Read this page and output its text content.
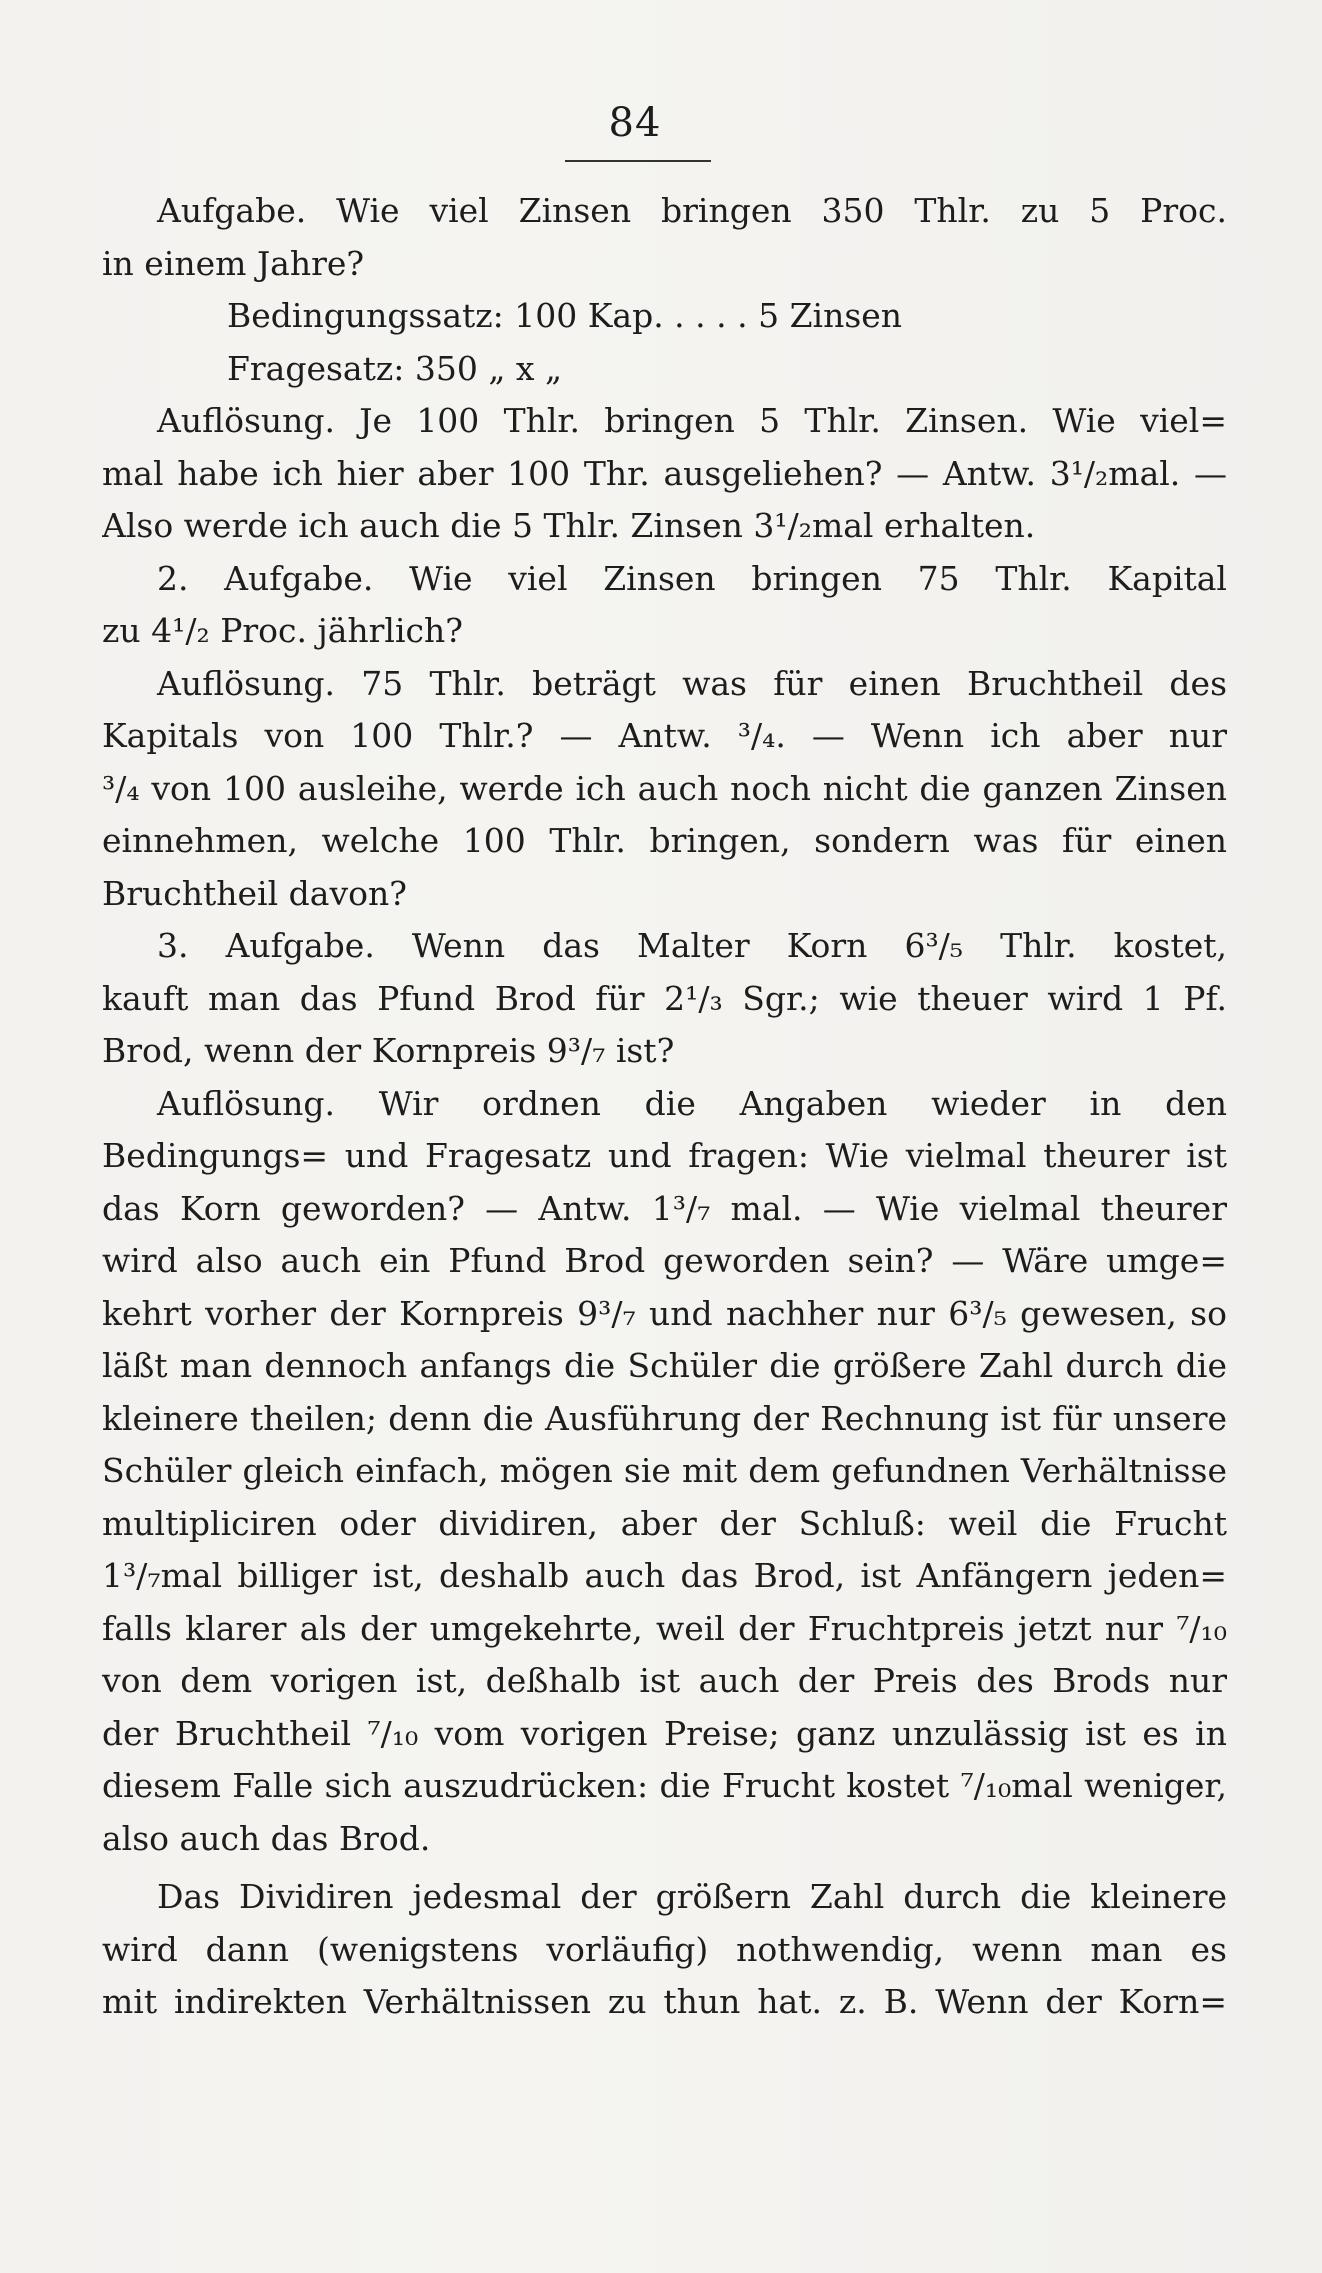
84
Aufgabe. Wie viel Zinsen bringen 350 Thlr. zu 5 Proc.
in einem Jahre?
Bedingungssatz: 100 Kap. . . . . 5 Zinsen
Fragesatz: 350 „ x „
Auflösung. Je 100 Thlr. bringen 5 Thlr. Zinsen. Wie viel=
mal habe ich hier aber 100 Thr. ausgeliehen? — Antw. 3¹/₂mal. —
Also werde ich auch die 5 Thlr. Zinsen 3¹/₂mal erhalten.
2. Aufgabe. Wie viel Zinsen bringen 75 Thlr. Kapital
zu 4¹/₂ Proc. jährlich?
Auflösung. 75 Thlr. beträgt was für einen Bruchtheil des
Kapitals von 100 Thlr.? — Antw. ³/₄. — Wenn ich aber nur
³/₄ von 100 ausleihe, werde ich auch noch nicht die ganzen Zinsen
einnehmen, welche 100 Thlr. bringen, sondern was für einen
Bruchtheil davon?
3. Aufgabe. Wenn das Malter Korn 6³/₅ Thlr. kostet,
kauft man das Pfund Brod für 2¹/₃ Sgr.; wie theuer wird 1 Pf.
Brod, wenn der Kornpreis 9³/₇ ist?
Auflösung. Wir ordnen die Angaben wieder in den
Bedingungs= und Fragesatz und fragen: Wie vielmal theurer ist
das Korn geworden? — Antw. 1³/₇ mal. — Wie vielmal theurer
wird also auch ein Pfund Brod geworden sein? — Wäre umge=
kehrt vorher der Kornpreis 9³/₇ und nachher nur 6³/₅ gewesen, so
läßt man dennoch anfangs die Schüler die größere Zahl durch die
kleinere theilen; denn die Ausführung der Rechnung ist für unsere
Schüler gleich einfach, mögen sie mit dem gefundnen Verhältnisse
multipliciren oder dividiren, aber der Schluß: weil die Frucht
1³/₇mal billiger ist, deshalb auch das Brod, ist Anfängern jeden=
falls klarer als der umgekehrte, weil der Fruchtpreis jetzt nur ⁷/₁₀
von dem vorigen ist, deßhalb ist auch der Preis des Brods nur
der Bruchtheil ⁷/₁₀ vom vorigen Preise; ganz unzulässig ist es in
diesem Falle sich auszudrücken: die Frucht kostet ⁷/₁₀mal weniger,
also auch das Brod.
Das Dividiren jedesmal der größern Zahl durch die kleinere
wird dann (wenigstens vorläufig) nothwendig, wenn man es
mit indirekten Verhältnissen zu thun hat. z. B. Wenn der Korn=
